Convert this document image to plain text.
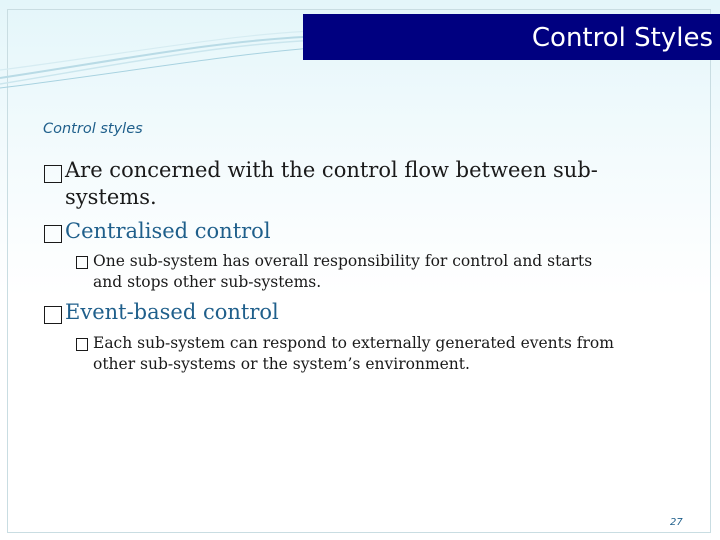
Control Styles
Control styles
Are concerned with the control flow between sub-
systems.
Centralised control
One sub-system has overall responsibility for control and starts
and stops other sub-systems.
Event-based control
Each sub-system can respond to externally generated events from
other sub-systems or the system’s environment.
27
